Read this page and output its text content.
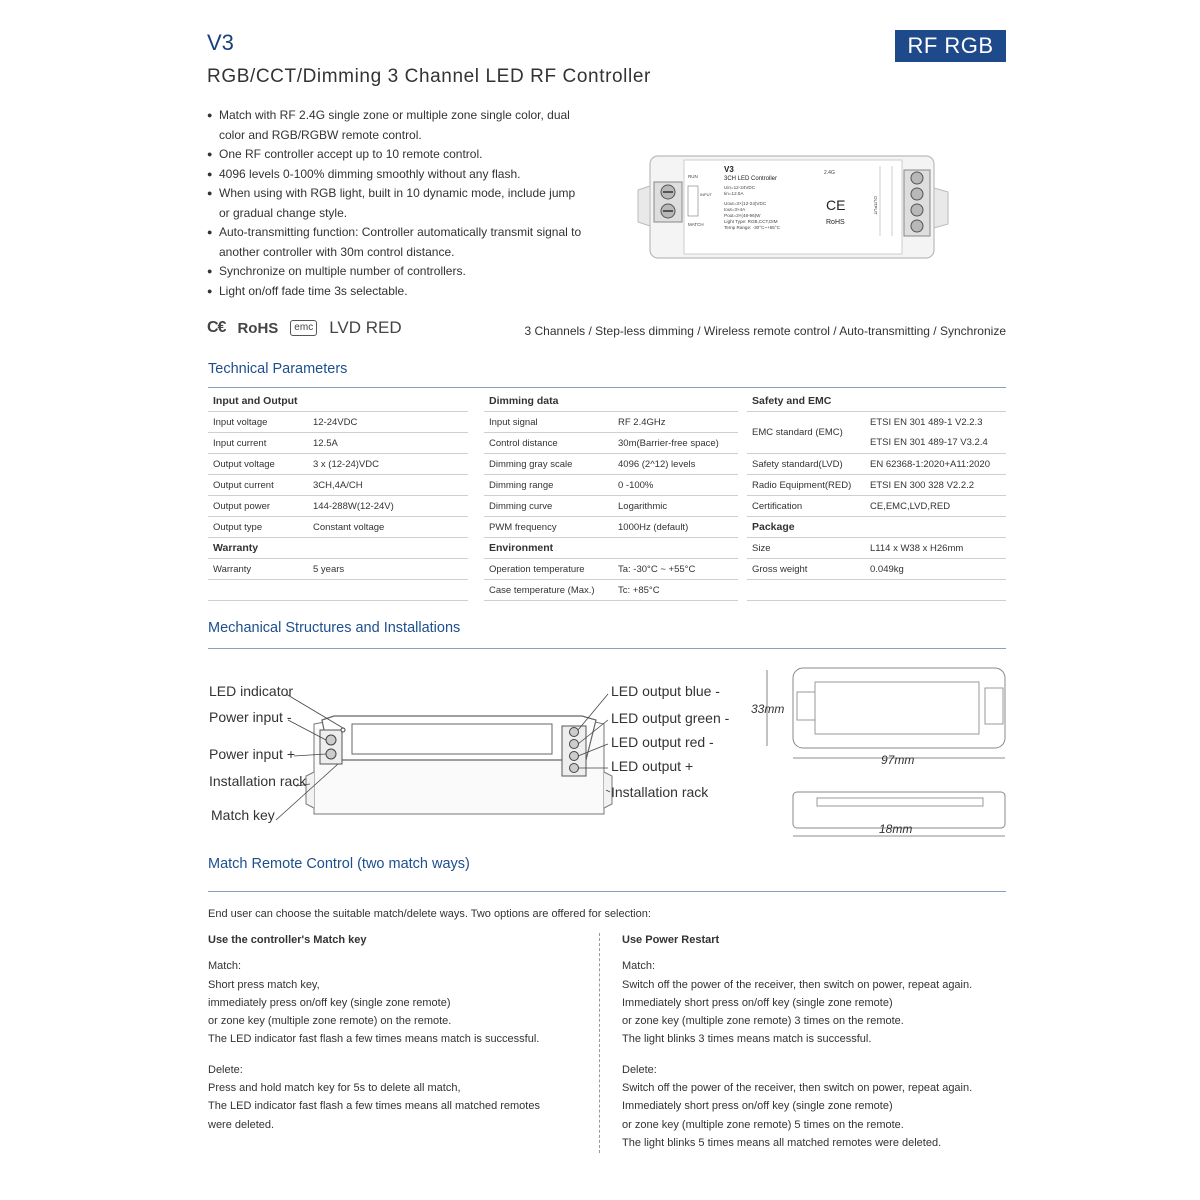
V3	RF RGB
RGB/CCT/Dimming 3 Channel LED RF Controller
● Match with RF 2.4G single zone or multiple zone single color, dual color and RGB/RGBW remote control.
● One RF controller accept up to 10 remote control.
● 4096 levels 0-100% dimming smoothly without any flash.
● When using with RGB light, built in 10 dynamic mode, include jump or gradual change style.
● Auto-transmitting function: Controller automatically transmit signal to another controller with 30m control distance.
● Synchronize on multiple number of controllers.
● Light on/off fade time 3s selectable.
RUN
MATCH
INPUT
V3
3CH LED Controller
Uin=12-24VDC
Iin=12.5A
Uout=3×(12-24)VDC
Iout=3×4A
Pout=3×(48-96)W
Light Type: RGB,CCT,DIM
Temp Range: -30°C~+55°C
2.4G
CE
RoHS
OUTPUT
C€ RoHS	emc LVD RED	3 Channels / Step-less dimming / Wireless remote control / Auto-transmitting / Synchronize
Technical Parameters
Input and Output
Input voltage	12-24VDC
Input current	12.5A
Output voltage	3 x (12-24)VDC
Output current	3CH,4A/CH
Output power	144-288W(12-24V)
Output type	Constant voltage
Warranty
Warranty	5 years
Dimming data
Input signal	RF 2.4GHz
Control distance	30m(Barrier-free space)
Dimming gray scale	4096 (2^12) levels
Dimming range	0 -100%
Dimming curve	Logarithmic
PWM frequency	1000Hz (default)
Environment
Operation temperature	Ta: -30°C ~ +55°C
Case temperature (Max.)	Tc: +85°C
Safety and EMC
EMC standard (EMC)
ETSI EN 301 489-1 V2.2.3
ETSI EN 301 489-17 V3.2.4
Safety standard(LVD)	EN 62368-1:2020+A11:2020
Radio Equipment(RED)	ETSI EN 300 328 V2.2.2
Certification	CE,EMC,LVD,RED
Package
Size	L114 x W38 x H26mm
Gross weight	0.049kg
Mechanical Structures and Installations
LED indicator
Power input -
Power input +
Installation rack
Match key
LED output blue -
LED output green -
LED output red -
LED output +
Installation rack
33mm
97mm
18mm
Match Remote Control (two match ways)
End user can choose the suitable match/delete ways. Two options are offered for selection:
Use the controller's Match key
Match:
Short press match key,
immediately press on/off key (single zone remote)
or zone key (multiple zone remote) on the remote.
The LED indicator fast flash a few times means match is successful.
Delete:
Press and hold match key for 5s to delete all match,
The LED indicator fast flash a few times means all matched remotes
were deleted.
Use Power Restart
Match:
Switch off the power of the receiver, then switch on power, repeat again.
Immediately short press on/off key (single zone remote)
or zone key (multiple zone remote) 3 times on the remote.
The light blinks 3 times means match is successful.
Delete:
Switch off the power of the receiver, then switch on power, repeat again.
Immediately short press on/off key (single zone remote)
or zone key (multiple zone remote) 5 times on the remote.
The light blinks 5 times means all matched remotes were deleted.
